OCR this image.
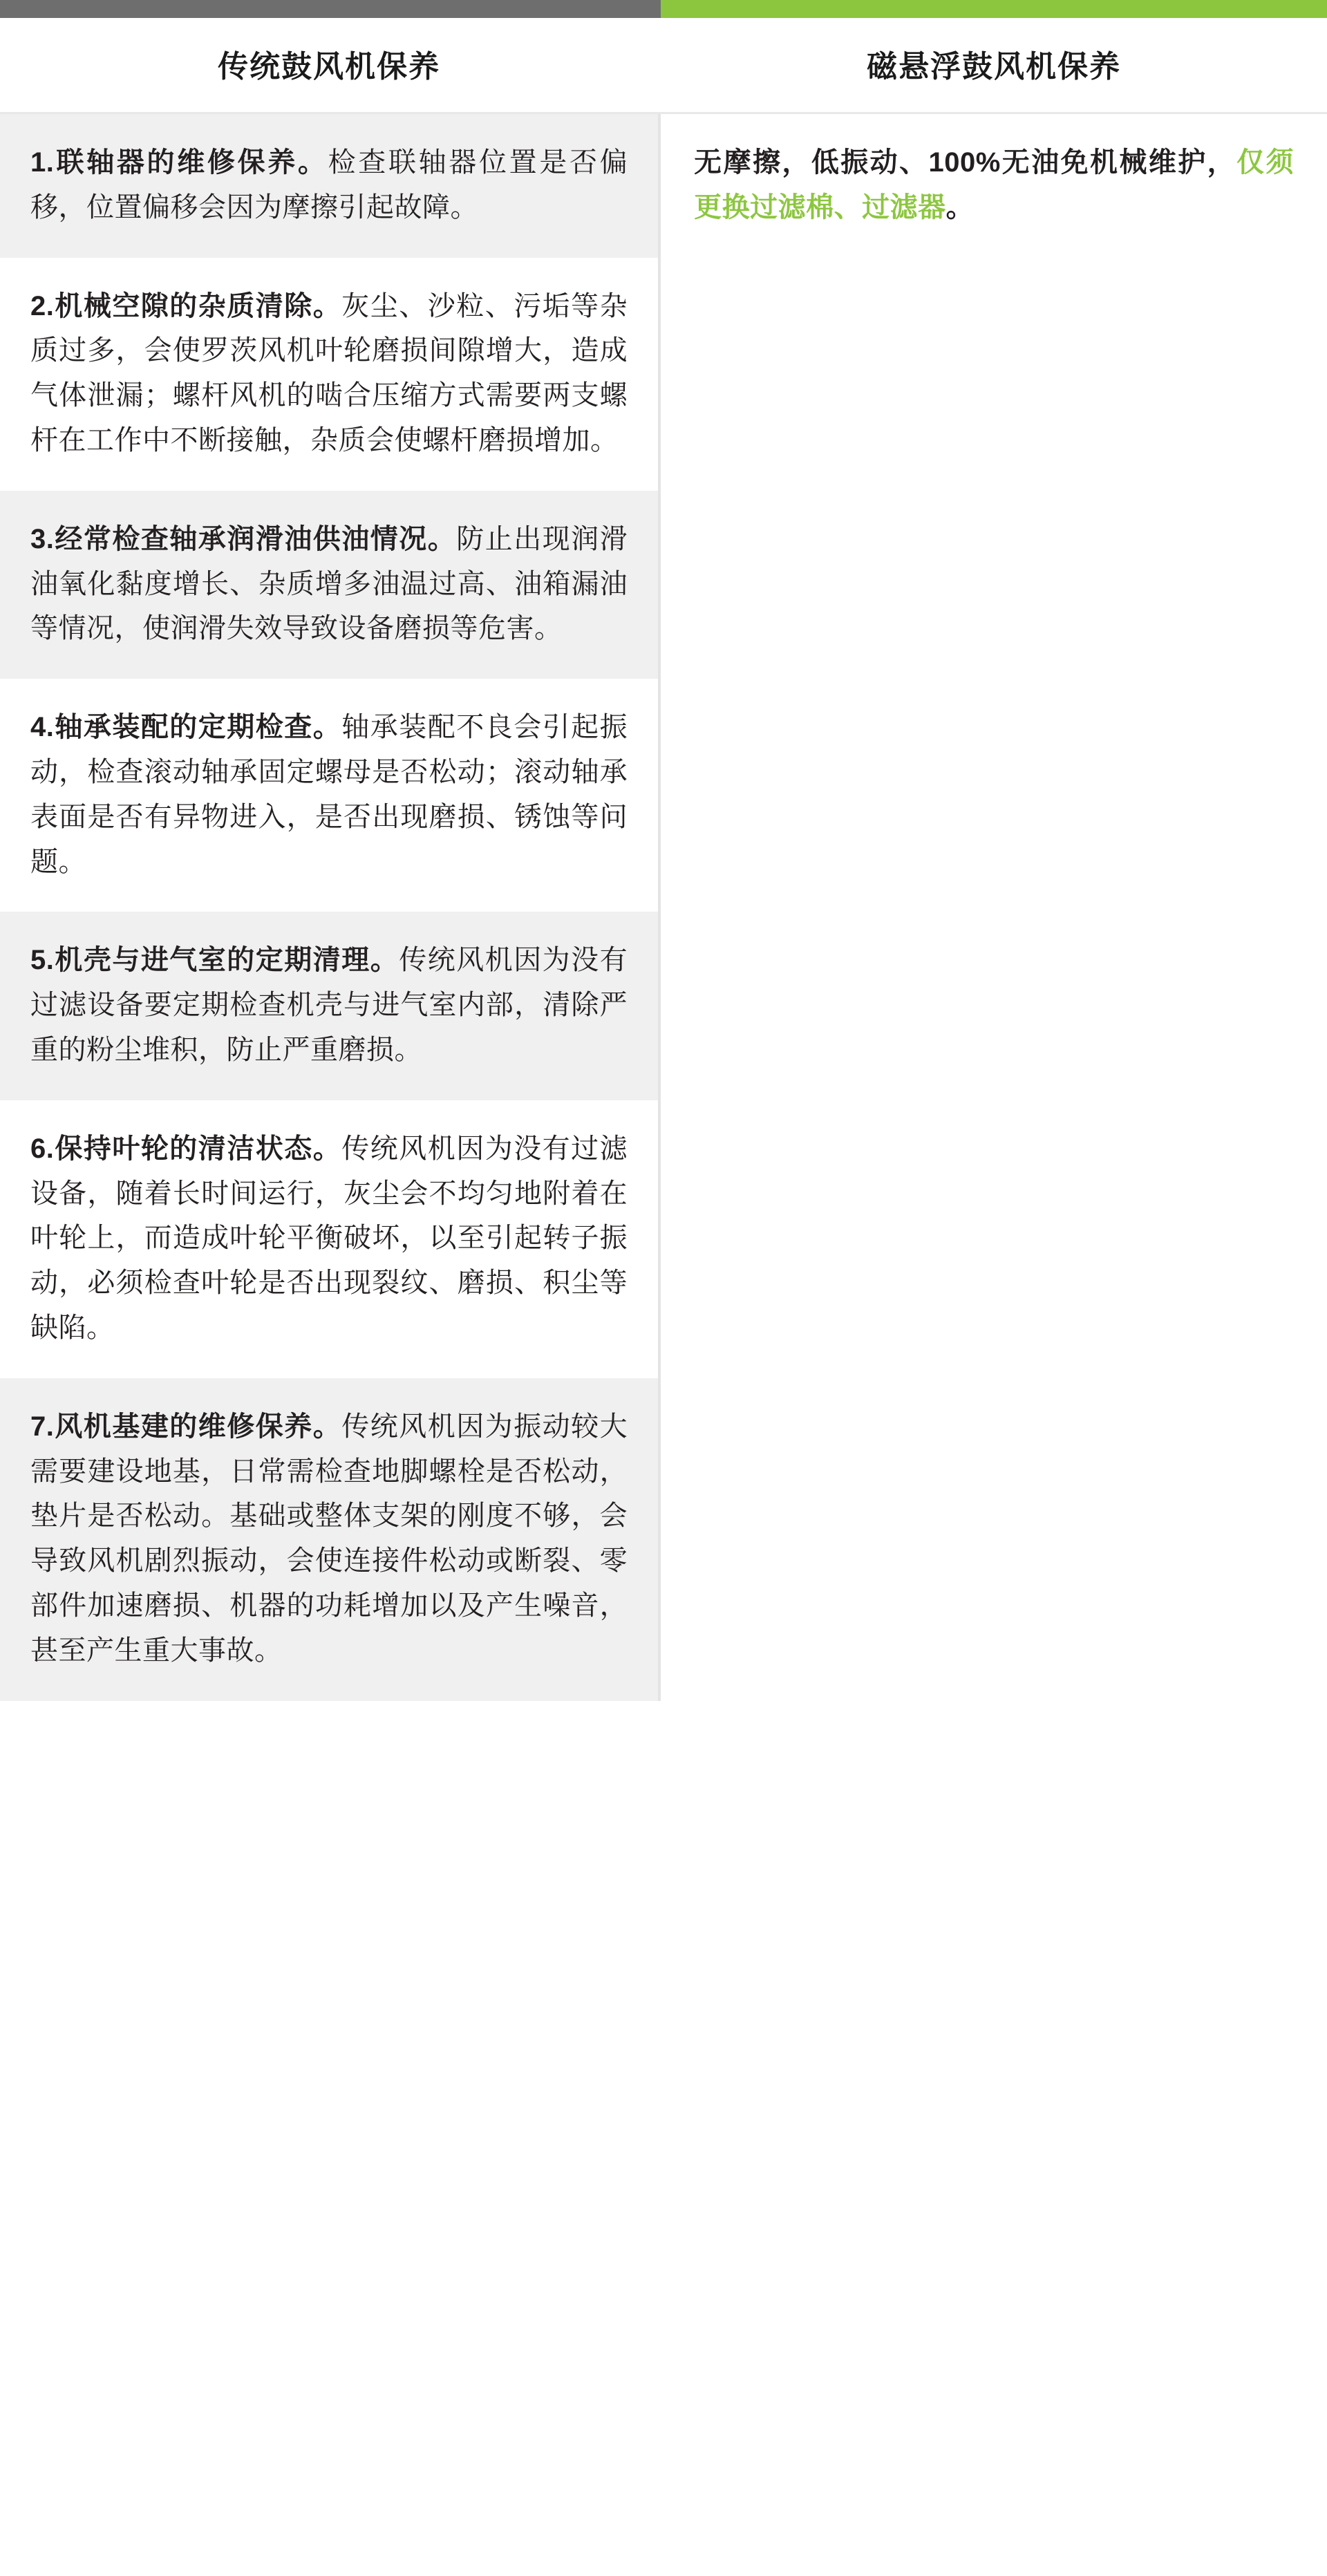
传统鼓风机保养	磁悬浮鼓风机保养
1.联轴器的维修保养。检查联轴器位置是否偏移，位置偏移会因为摩擦引起故障。
2.机械空隙的杂质清除。灰尘、沙粒、污垢等杂质过多，会使罗茨风机叶轮磨损间隙增大，造成气体泄漏；螺杆风机的啮合压缩方式需要两支螺杆在工作中不断接触，杂质会使螺杆磨损增加。
3.经常检查轴承润滑油供油情况。防止出现润滑油氧化黏度增长、杂质增多油温过高、油箱漏油等情况，使润滑失效导致设备磨损等危害。
4.轴承装配的定期检查。轴承装配不良会引起振动，检查滚动轴承固定螺母是否松动；滚动轴承表面是否有异物进入，是否出现磨损、锈蚀等问题。
5.机壳与进气室的定期清理。传统风机因为没有过滤设备要定期检查机壳与进气室内部，清除严重的粉尘堆积，防止严重磨损。
6.保持叶轮的清洁状态。传统风机因为没有过滤设备，随着长时间运行，灰尘会不均匀地附着在叶轮上，而造成叶轮平衡破坏，以至引起转子振动，必须检查叶轮是否出现裂纹、磨损、积尘等缺陷。
7.风机基建的维修保养。传统风机因为振动较大需要建设地基，日常需检查地脚螺栓是否松动，垫片是否松动。基础或整体支架的刚度不够，会导致风机剧烈振动，会使连接件松动或断裂、零部件加速磨损、机器的功耗增加以及产生噪音，甚至产生重大事故。
无摩擦，低振动、100%无油免机械维护，仅须更换过滤棉、过滤器。
